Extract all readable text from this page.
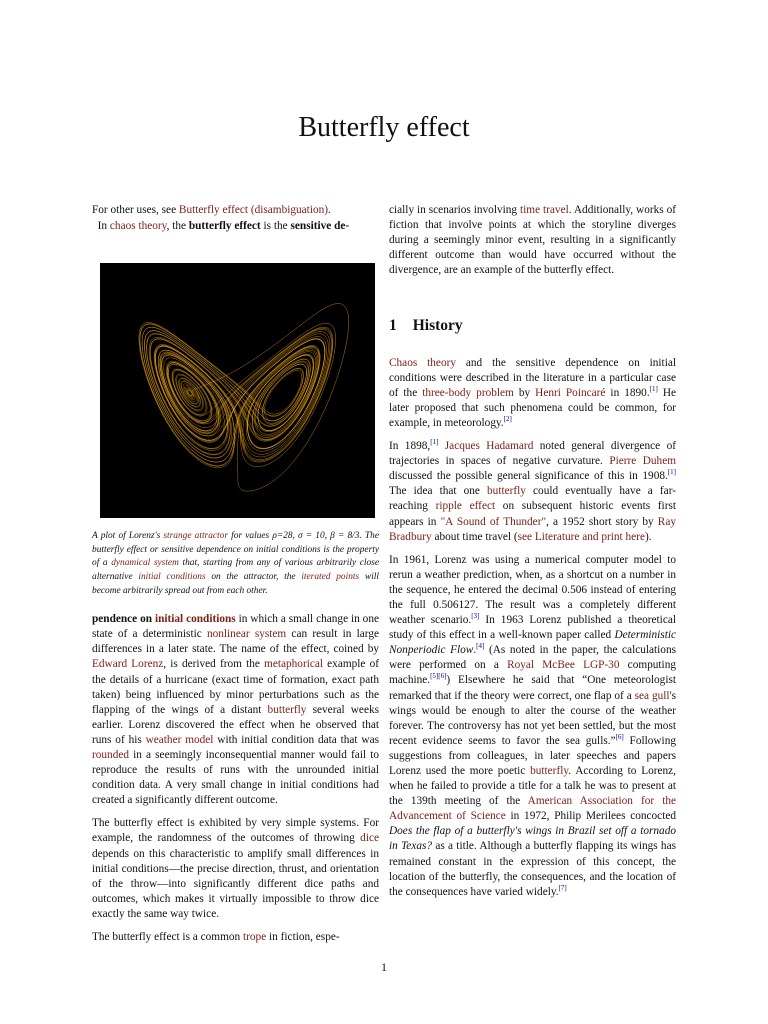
Butterfly effect

For other uses, see Butterfly effect (disambiguation).

In chaos theory, the butterfly effect is the sensitive de-

A plot of Lorenz's strange attractor for values ρ=28, σ = 10, β = 8/3. The butterfly effect or sensitive dependence on initial conditions is the property of a dynamical system that, starting from any of various arbitrarily close alternative initial conditions on the attractor, the iterated points will become arbitrarily spread out from each other.

pendence on initial conditions in which a small change in one state of a deterministic nonlinear system can result in large differences in a later state. The name of the effect, coined by Edward Lorenz, is derived from the metaphorical example of the details of a hurricane (exact time of formation, exact path taken) being influenced by minor perturbations such as the flapping of the wings of a distant butterfly several weeks earlier. Lorenz discovered the effect when he observed that runs of his weather model with initial condition data that was rounded in a seemingly inconsequential manner would fail to reproduce the results of runs with the unrounded initial condition data. A very small change in initial conditions had created a significantly different outcome.

The butterfly effect is exhibited by very simple systems. For example, the randomness of the outcomes of throwing dice depends on this characteristic to amplify small differences in initial conditions—the precise direction, thrust, and orientation of the throw—into significantly different dice paths and outcomes, which makes it virtually impossible to throw dice exactly the same way twice.

The butterfly effect is a common trope in fiction, espe-

cially in scenarios involving time travel. Additionally, works of fiction that involve points at which the storyline diverges during a seemingly minor event, resulting in a significantly different outcome than would have occurred without the divergence, are an example of the butterfly effect.

1 History

Chaos theory and the sensitive dependence on initial conditions were described in the literature in a particular case of the three-body problem by Henri Poincaré in 1890.[1] He later proposed that such phenomena could be common, for example, in meteorology.[2]

In 1898,[1] Jacques Hadamard noted general divergence of trajectories in spaces of negative curvature. Pierre Duhem discussed the possible general significance of this in 1908.[1] The idea that one butterfly could eventually have a far-reaching ripple effect on subsequent historic events first appears in "A Sound of Thunder", a 1952 short story by Ray Bradbury about time travel (see Literature and print here).

In 1961, Lorenz was using a numerical computer model to rerun a weather prediction, when, as a shortcut on a number in the sequence, he entered the decimal 0.506 instead of entering the full 0.506127. The result was a completely different weather scenario.[3] In 1963 Lorenz published a theoretical study of this effect in a well-known paper called Deterministic Nonperiodic Flow.[4] (As noted in the paper, the calculations were performed on a Royal McBee LGP-30 computing machine.[5][6]) Elsewhere he said that “One meteorologist remarked that if the theory were correct, one flap of a sea gull's wings would be enough to alter the course of the weather forever. The controversy has not yet been settled, but the most recent evidence seems to favor the sea gulls.”[6] Following suggestions from colleagues, in later speeches and papers Lorenz used the more poetic butterfly. According to Lorenz, when he failed to provide a title for a talk he was to present at the 139th meeting of the American Association for the Advancement of Science in 1972, Philip Merilees concocted Does the flap of a butterfly's wings in Brazil set off a tornado in Texas? as a title. Although a butterfly flapping its wings has remained constant in the expression of this concept, the location of the butterfly, the consequences, and the location of the consequences have varied widely.[7]

1
